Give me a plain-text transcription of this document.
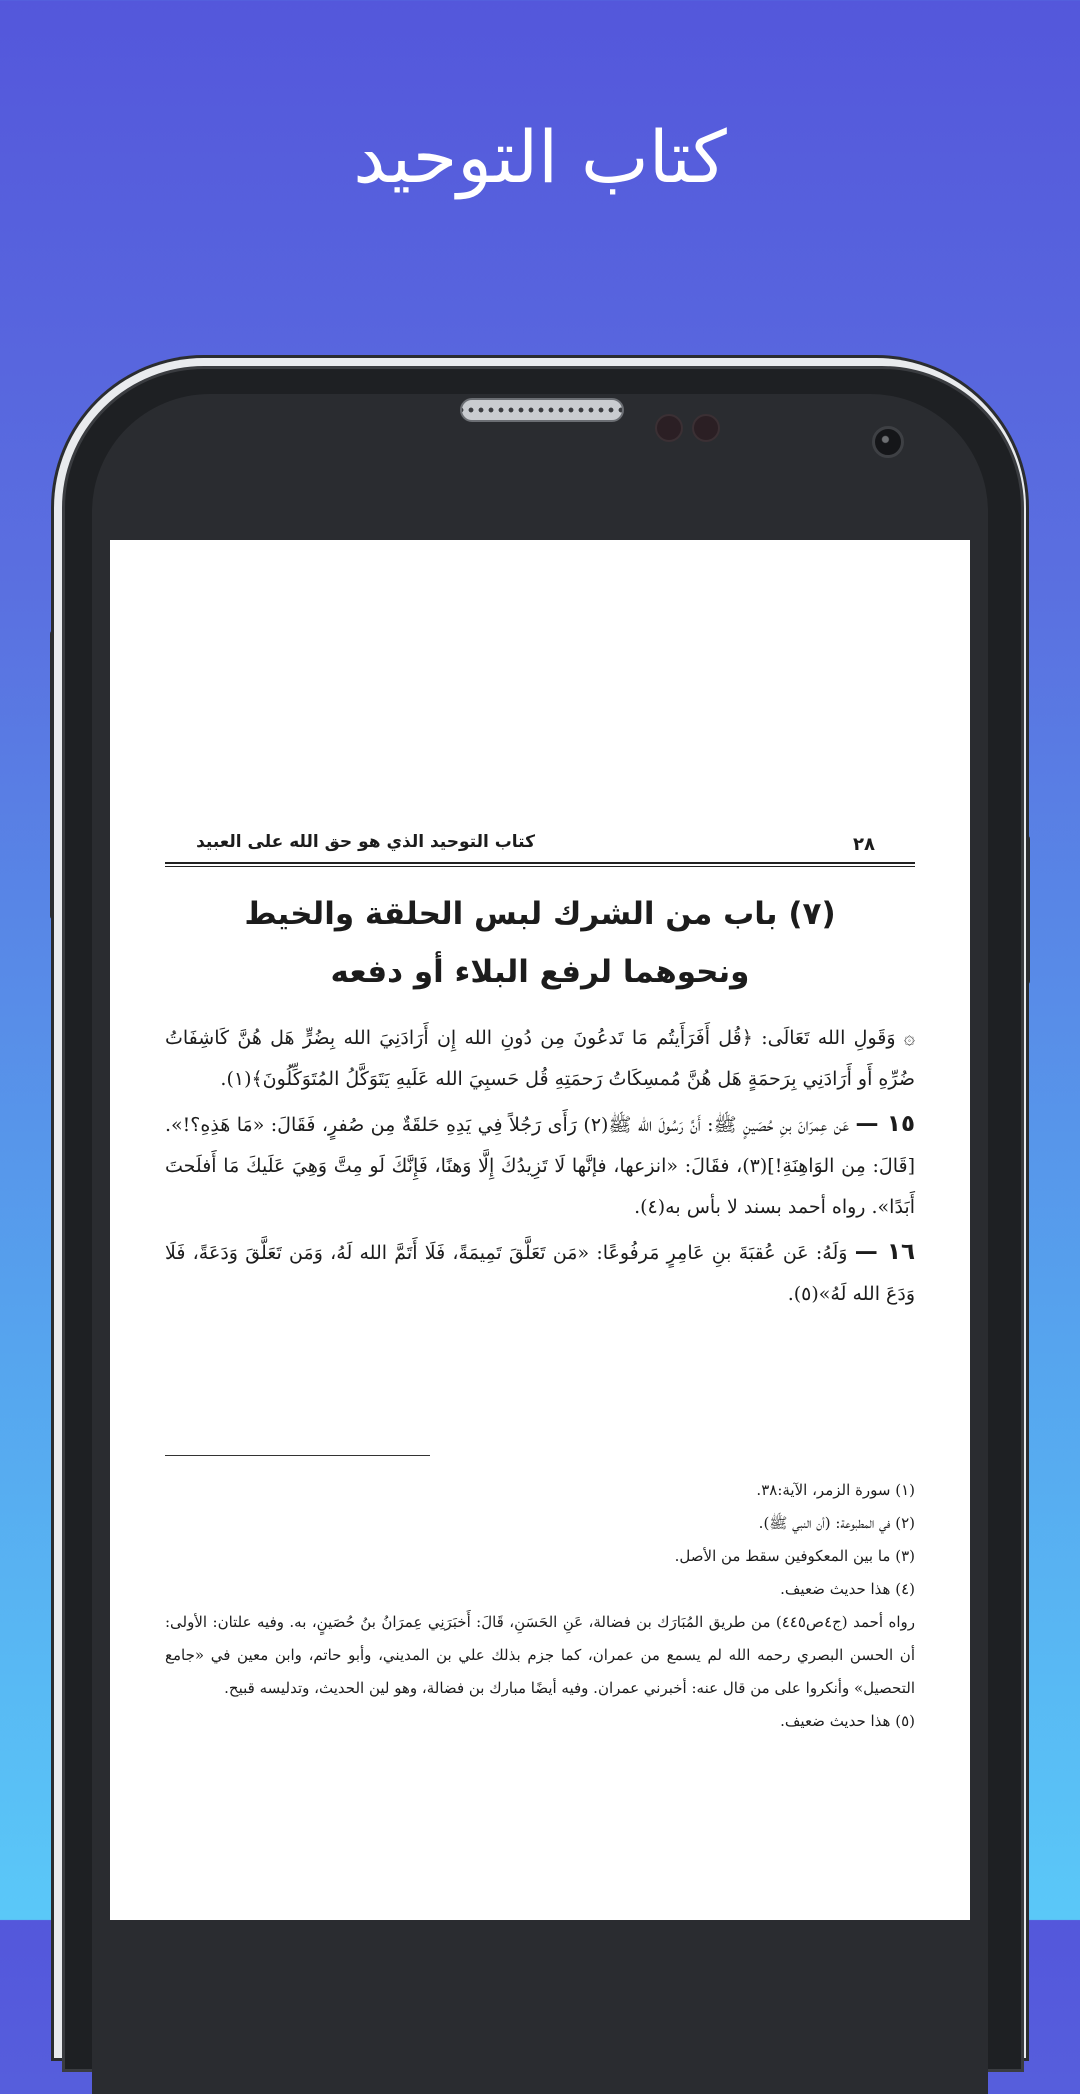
كتاب التوحيد
كتاب التوحيد الذي هو حق الله على العبيد	٢٨
(٧) باب من الشرك لبس الحلقة والخيط
ونحوهما لرفع البلاء أو دفعه

۞ وَقَولِ الله تَعَالَى: ﴿قُل أَفَرَأَيتُم مَا تَدعُونَ مِن دُونِ الله إِن أَرَادَنِيَ الله بِضُرٍّ هَل هُنَّ كَاشِفَاتُ ضُرِّهِ أَو أَرَادَنِي بِرَحمَةٍ هَل هُنَّ مُمسِكَاتُ رَحمَتِهِ قُل حَسبِيَ الله عَلَيهِ يَتَوَكَّلُ المُتَوَكِّلُونَ﴾(١).

١٥ — عَن عِمرَانَ بنِ حُصَينٍ ﷺ: أَنَّ رَسُولَ الله ﷺ(٢) رَأَى رَجُلاً فِي يَدِهِ حَلقَةٌ مِن صُفرٍ، فَقَالَ: «مَا هَذِهِ؟!». [قَالَ: مِن الوَاهِنَةِ!](٣)، فقَالَ: «انزعها، فإنَّها لَا تَزِيدُكَ إِلَّا وَهنًا، فَإِنَّكَ لَو مِتَّ وَهِيَ عَلَيكَ مَا أَفلَحتَ أَبَدًا». رواه أحمد بسند لا بأس به(٤).

١٦ — وَلَهُ: عَن عُقبَةَ بنِ عَامِرٍ مَرفُوعًا: «مَن تَعَلَّقَ تَمِيمَةً، فَلَا أَتَمَّ الله لَهُ، وَمَن تَعَلَّقَ وَدَعَةً، فَلَا وَدَعَ الله لَهُ»(٥).

(١) سورة الزمر، الآية:٣٨.
(٢) في المطبوعة: (أن النبي ﷺ).
(٣) ما بين المعكوفين سقط من الأصل.
(٤) هذا حديث ضعيف.
رواه أحمد (ج٤ص٤٤٥) من طريق المُبَارَك بن فضالة، عَنِ الحَسَنِ، قَالَ: أَخبَرَنِي عِمرَانُ بنُ حُصَينٍ، به. وفيه علتان: الأولى: أن الحسن البصري رحمه الله لم يسمع من عمران، كما جزم بذلك علي بن المديني، وأبو حاتم، وابن معين في «جامع التحصيل» وأنكروا على من قال عنه: أخبرني عمران. وفيه أيضًا مبارك بن فضالة، وهو لين الحديث، وتدليسه قبيح.
(٥) هذا حديث ضعيف.
